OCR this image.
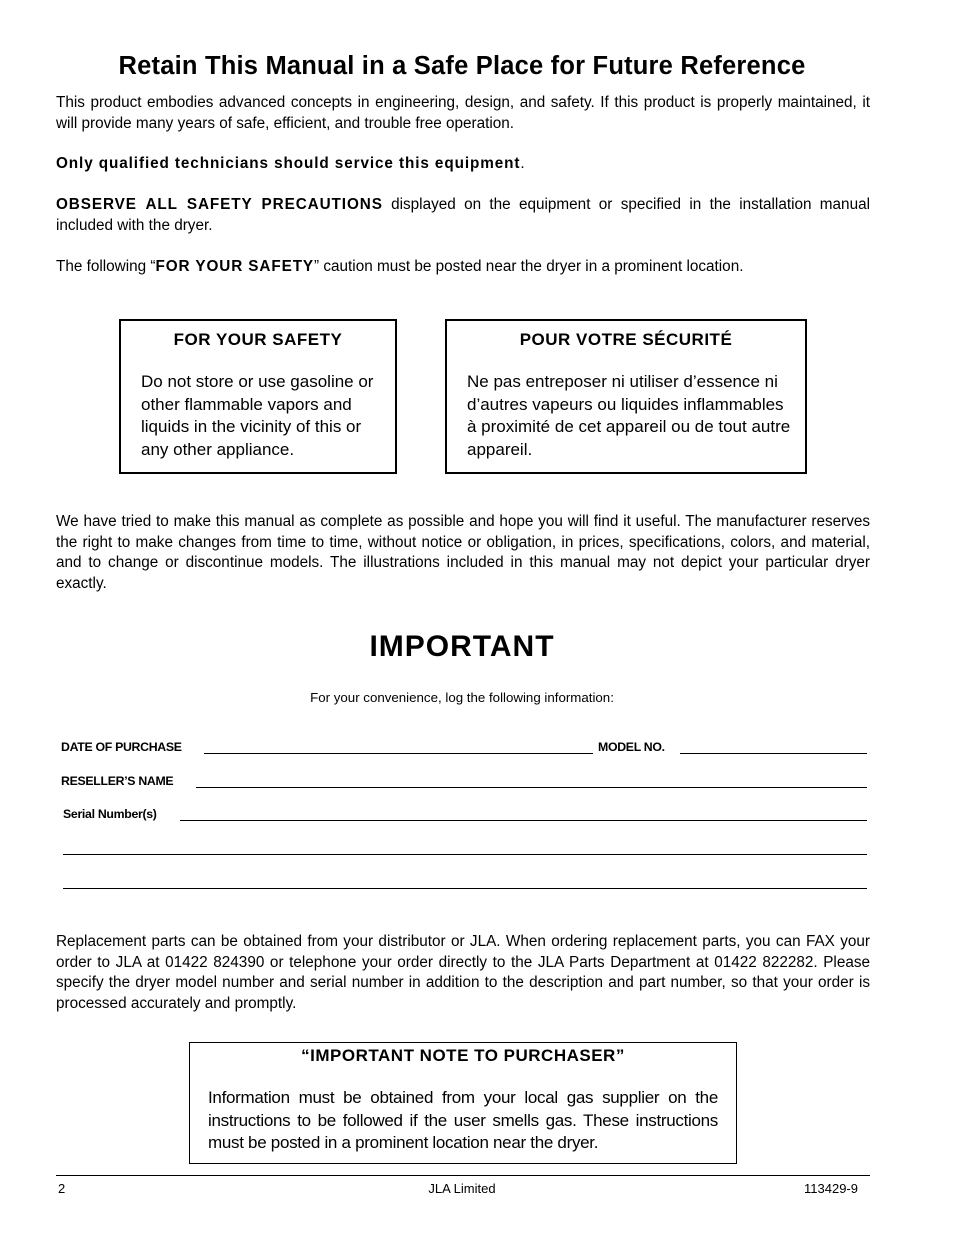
Retain This Manual in a Safe Place for Future Reference
This product embodies advanced concepts in engineering, design, and safety. If this product is properly maintained, it will provide many years of safe, efficient, and trouble free operation.
Only qualified technicians should service this equipment.
OBSERVE ALL SAFETY PRECAUTIONS displayed on the equipment or specified in the installation manual included with the dryer.
The following “FOR YOUR SAFETY” caution must be posted near the dryer in a prominent location.
FOR YOUR SAFETY
Do not store or use gasoline or other flammable vapors and liquids in the vicinity of this or any other appliance.
POUR VOTRE SÉCURITÉ
Ne pas entreposer ni utiliser d’essence ni d’autres vapeurs ou liquides inflammables à proximité de cet appareil ou de tout autre appareil.
We have tried to make this manual as complete as possible and hope you will find it useful. The manufacturer reserves the right to make changes from time to time, without notice or obligation, in prices, specifications, colors, and material, and to change or discontinue models. The illustrations included in this manual may not depict your particular dryer exactly.
IMPORTANT
For your convenience, log the following information:
DATE OF PURCHASE	MODEL NO.
RESELLER’S NAME
Serial Number(s)
Replacement parts can be obtained from your distributor or JLA. When ordering replacement parts, you can FAX your order to JLA at 01422 824390 or telephone your order directly to the JLA Parts Department at 01422 822282. Please specify the dryer model number and serial number in addition to the description and part number, so that your order is processed accurately and promptly.
“IMPORTANT NOTE TO PURCHASER”
Information must be obtained from your local gas supplier on the instructions to be followed if the user smells gas. These instructions must be posted in a prominent location near the dryer.
2	JLA Limited	113429-9
